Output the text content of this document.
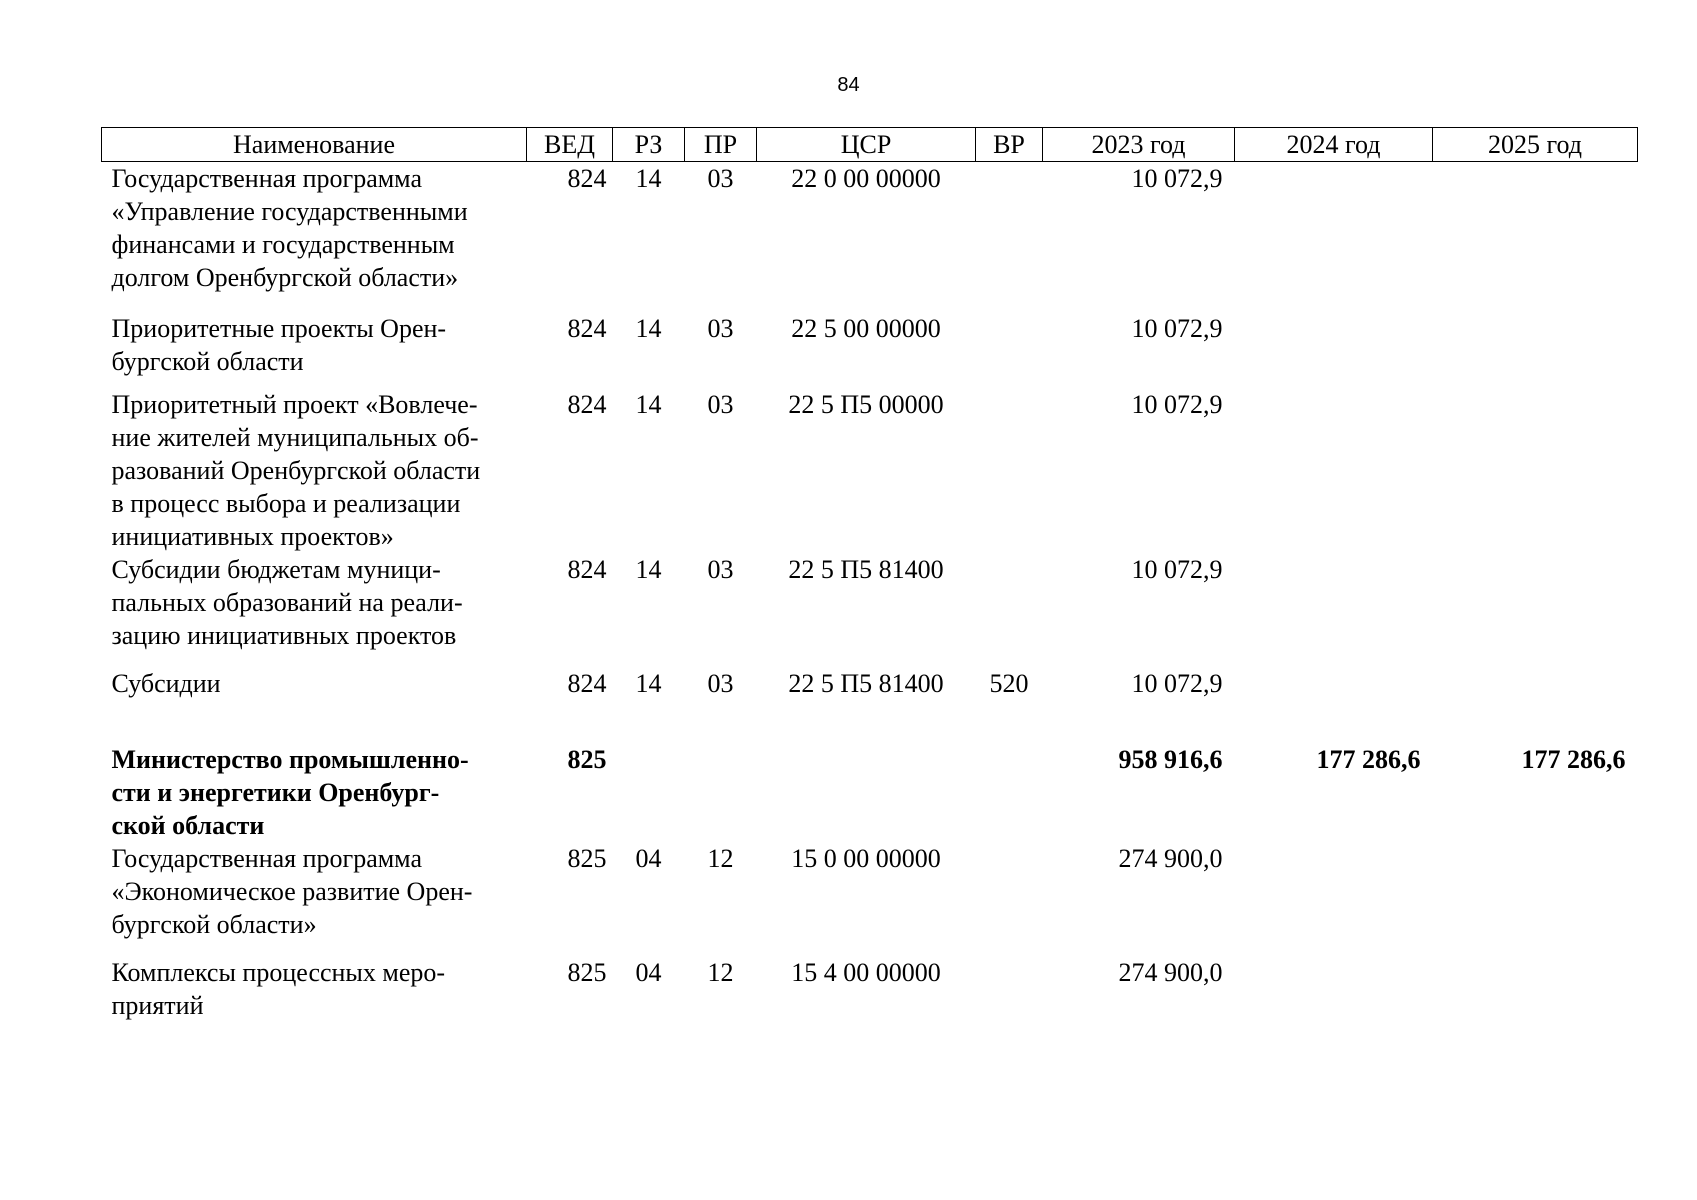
84
Наименование	ВЕД	РЗ	ПР	ЦСР	ВР	2023 год	2024 год	2025 год
Государственная программа
«Управление государственными
финансами и государственным
долгом Оренбургской области»	824	14	03	22 0 00 00000		10 072,9		
Приоритетные проекты Орен-
бургской области	824	14	03	22 5 00 00000		10 072,9		
Приоритетный проект «Вовлече-
ние жителей муниципальных об-
разований Оренбургской области
в процесс выбора и реализации
инициативных проектов»	824	14	03	22 5 П5 00000		10 072,9		
Субсидии бюджетам муници-
пальных образований на реали-
зацию инициативных проектов	824	14	03	22 5 П5 81400		10 072,9		
Субсидии	824	14	03	22 5 П5 81400	520	10 072,9		
Министерство промышленно-
сти и энергетики Оренбург-
ской области	825					958 916,6	177 286,6	177 286,6
Государственная программа
«Экономическое развитие Орен-
бургской области»	825	04	12	15 0 00 00000		274 900,0		
Комплексы процессных меро-
приятий	825	04	12	15 4 00 00000		274 900,0		
